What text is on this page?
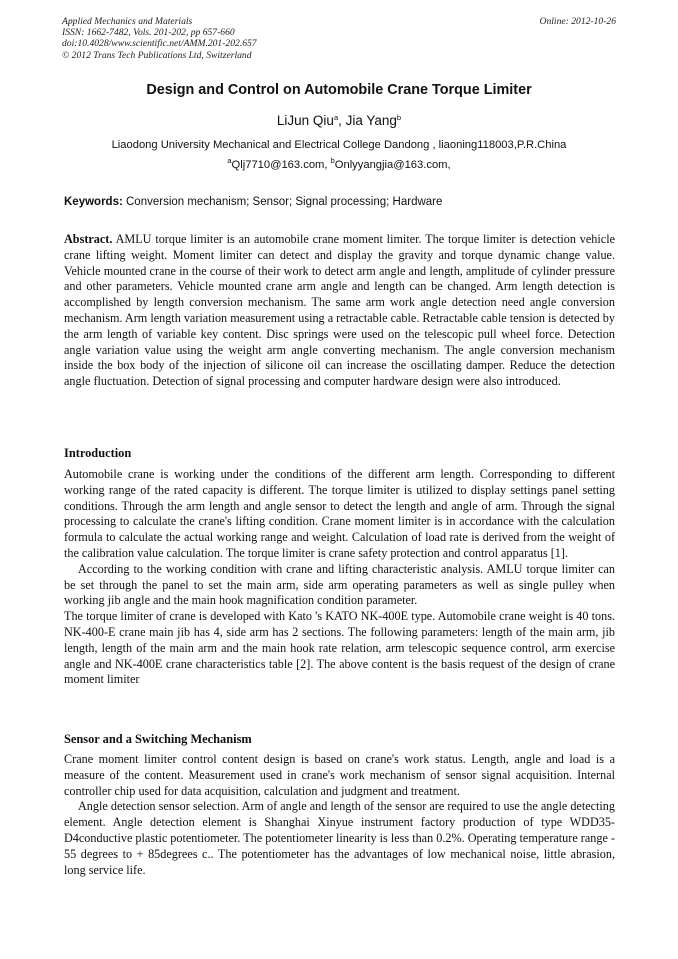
Applied Mechanics and Materials
ISSN: 1662-7482, Vols. 201-202, pp 657-660
doi:10.4028/www.scientific.net/AMM.201-202.657
© 2012 Trans Tech Publications Ltd, Switzerland
Online: 2012-10-26
Design and Control on Automobile Crane Torque Limiter
LiJun Qiu$^a$, Jia Yang$^b$
Liaodong University Mechanical and Electrical College Dandong , liaoning118003,P.R.China
$^a$Qlj7710@163.com, $^b$Onlyyangjia@163.com,
Keywords: Conversion mechanism; Sensor; Signal processing; Hardware

Abstract. AMLU torque limiter is an automobile crane moment limiter. The torque limiter is detection vehicle crane lifting weight. Moment limiter can detect and display the gravity and torque dynamic change value. Vehicle mounted crane in the course of their work to detect arm angle and length, amplitude of cylinder pressure and other parameters. Vehicle mounted crane arm angle and length can be changed. Arm length detection is accomplished by length conversion mechanism. The same arm work angle detection need angle conversion mechanism. Arm length variation measurement using a retractable cable. Retractable cable tension is detected by the arm length of variable key content. Disc springs were used on the telescopic pull wheel force. Detection angle variation value using the weight arm angle converting mechanism. The angle conversion mechanism inside the box body of the injection of silicone oil can increase the oscillating damper. Reduce the detection angle fluctuation. Detection of signal processing and computer hardware design were also introduced.

Introduction

Automobile crane is working under the conditions of the different arm length. Corresponding to different working range of the rated capacity is different. The torque limiter is utilized to display settings panel setting conditions. Through the arm length and angle sensor to detect the length and angle of arm. Through the signal processing to calculate the crane's lifting condition. Crane moment limiter is in accordance with the calculation formula to calculate the actual working range and weight. Calculation of load rate is derived from the weight of the calibration value calculation. The torque limiter is crane safety protection and control apparatus [1].

According to the working condition with crane and lifting characteristic analysis. AMLU torque limiter can be set through the panel to set the main arm, side arm operating parameters as well as single pulley when working jib angle and the main hook magnification condition parameter.

The torque limiter of crane is developed with Kato 's KATO NK-400E type. Automobile crane weight is 40 tons. NK-400-E crane main jib has 4, side arm has 2 sections. The following parameters: length of the main arm, jib length, length of the main arm and the main hook rate relation, arm telescopic sequence control, arm exercise angle and NK-400E crane characteristics table [2]. The above content is the basis request of the design of crane moment limiter

Sensor and a Switching Mechanism

Crane moment limiter control content design is based on crane's work status. Length, angle and load is a measure of the content. Measurement used in crane's work mechanism of sensor signal acquisition. Internal controller chip used for data acquisition, calculation and judgment and treatment.

Angle detection sensor selection. Arm of angle and length of the sensor are required to use the angle detecting element. Angle detection element is Shanghai Xinyue instrument factory production of type WDD35-D4conductive plastic potentiometer. The potentiometer linearity is less than 0.2%. Operating temperature range - 55 degrees to + 85degrees c.. The potentiometer has the advantages of low mechanical noise, little abrasion, long service life.
